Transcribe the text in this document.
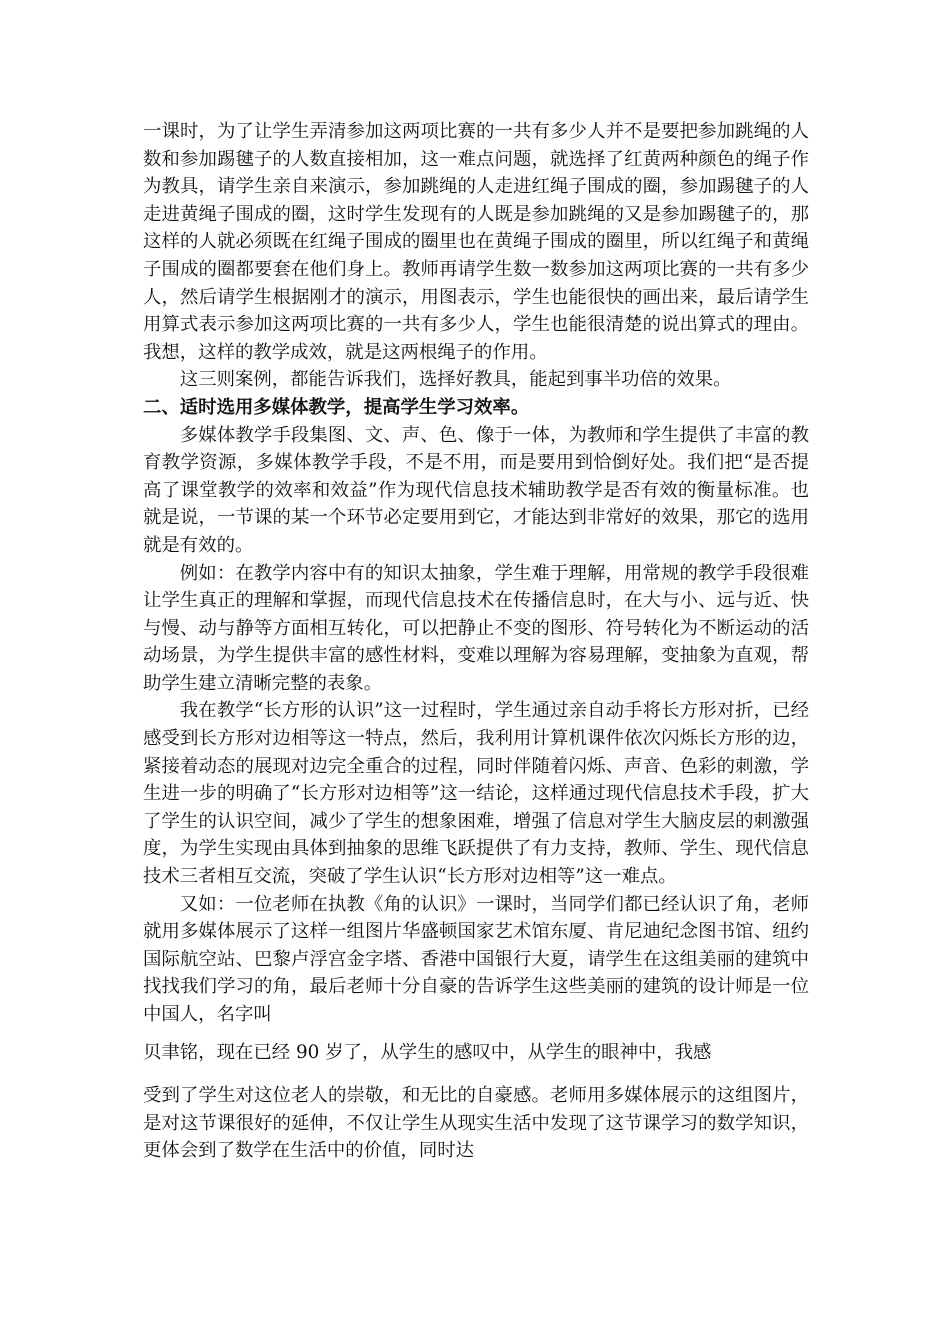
一课时，为了让学生弄清参加这两项比赛的一共有多少人并不是要把参加跳绳的人数和参加踢毽子的人数直接相加，这一难点问题，就选择了红黄两种颜色的绳子作为教具，请学生亲自来演示，参加跳绳的人走进红绳子围成的圈，参加踢毽子的人走进黄绳子围成的圈，这时学生发现有的人既是参加跳绳的又是参加踢毽子的，那这样的人就必须既在红绳子围成的圈里也在黄绳子围成的圈里，所以红绳子和黄绳子围成的圈都要套在他们身上。教师再请学生数一数参加这两项比赛的一共有多少人，然后请学生根据刚才的演示，用图表示，学生也能很快的画出来，最后请学生用算式表示参加这两项比赛的一共有多少人，学生也能很清楚的说出算式的理由。我想，这样的教学成效，就是这两根绳子的作用。

这三则案例，都能告诉我们，选择好教具，能起到事半功倍的效果。

二、适时选用多媒体教学，提高学生学习效率。

多媒体教学手段集图、文、声、色、像于一体，为教师和学生提供了丰富的教育教学资源，多媒体教学手段，不是不用，而是要用到恰倒好处。我们把“是否提高了课堂教学的效率和效益”作为现代信息技术辅助教学是否有效的衡量标准。也就是说，一节课的某一个环节必定要用到它，才能达到非常好的效果，那它的选用就是有效的。

例如：在教学内容中有的知识太抽象，学生难于理解，用常规的教学手段很难让学生真正的理解和掌握，而现代信息技术在传播信息时，在大与小、远与近、快与慢、动与静等方面相互转化，可以把静止不变的图形、符号转化为不断运动的活动场景，为学生提供丰富的感性材料，变难以理解为容易理解，变抽象为直观，帮助学生建立清晰完整的表象。

我在教学“长方形的认识”这一过程时，学生通过亲自动手将长方形对折，已经感受到长方形对边相等这一特点，然后，我利用计算机课件依次闪烁长方形的边，紧接着动态的展现对边完全重合的过程，同时伴随着闪烁、声音、色彩的刺激，学生进一步的明确了“长方形对边相等”这一结论，这样通过现代信息技术手段，扩大了学生的认识空间，减少了学生的想象困难，增强了信息对学生大脑皮层的刺激强度，为学生实现由具体到抽象的思维飞跃提供了有力支持，教师、学生、现代信息技术三者相互交流，突破了学生认识“长方形对边相等”这一难点。

又如：一位老师在执教《角的认识》一课时，当同学们都已经认识了角，老师就用多媒体展示了这样一组图片华盛顿国家艺术馆东厦、肯尼迪纪念图书馆、纽约国际航空站、巴黎卢浮宫金字塔、香港中国银行大夏，请学生在这组美丽的建筑中找找我们学习的角，最后老师十分自豪的告诉学生这些美丽的建筑的设计师是一位中国人，名字叫

贝聿铭，现在已经 90 岁了，从学生的感叹中，从学生的眼神中，我感

受到了学生对这位老人的崇敬，和无比的自豪感。老师用多媒体展示的这组图片，是对这节课很好的延伸，不仅让学生从现实生活中发现了这节课学习的数学知识，更体会到了数学在生活中的价值，同时达
